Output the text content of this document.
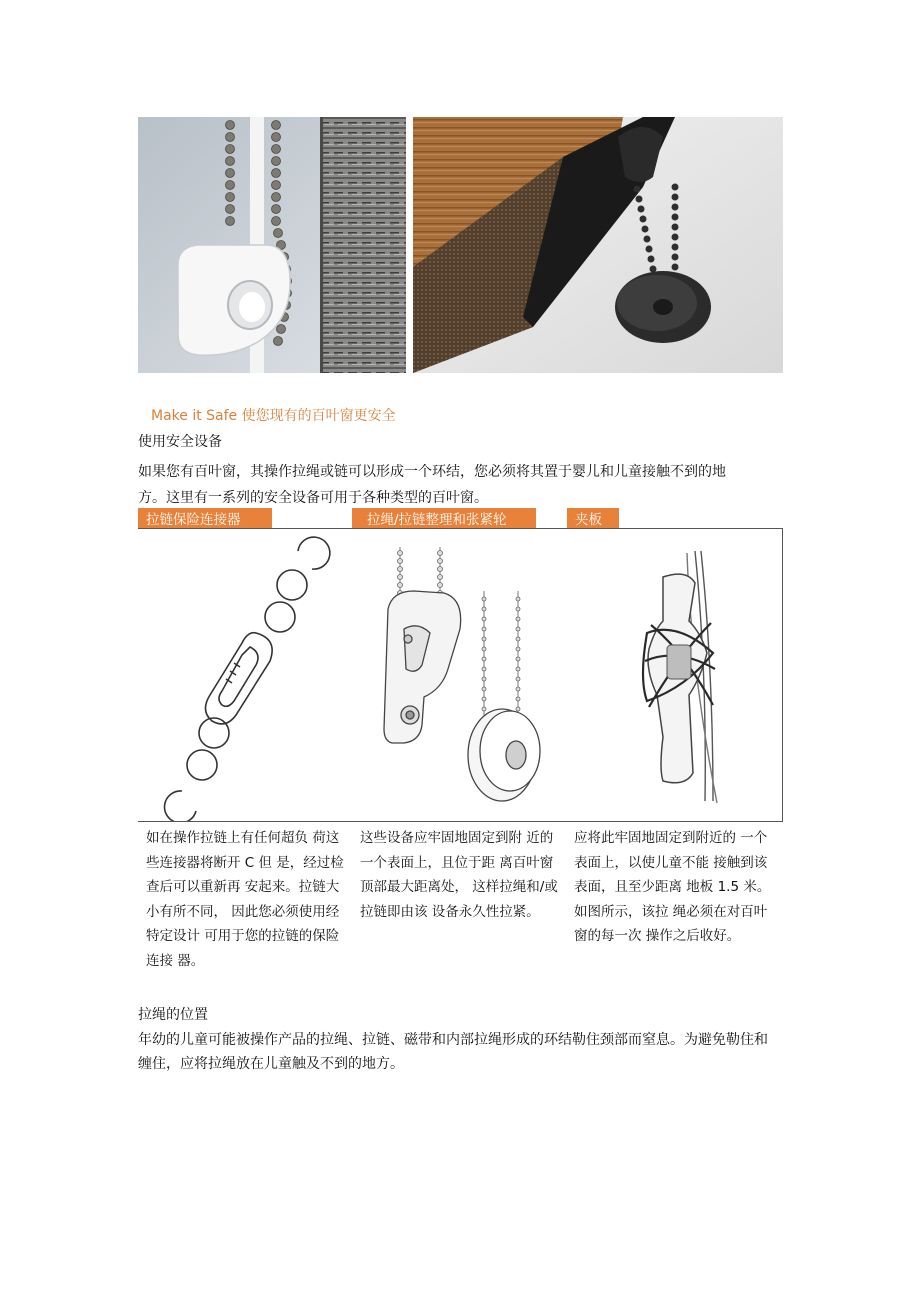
Make it Safe 使您现有的百叶窗更安全
使用安全设备

如果您有百叶窗，其操作拉绳或链可以形成一个环结，您必须将其置于婴儿和儿童接触不到的地方。这里有一系列的安全设备可用于各种类型的百叶窗。

拉链保险连接器	拉绳/拉链整理和张紧轮	夹板

如在操作拉链上有任何超负 荷这些连接器将断开 C 但 是，经过检查后可以重新再 安起来。拉链大小有所不同， 因此您必须使用经特定设计 可用于您的拉链的保险连接 器。

这些设备应牢固地固定到附 近的一个表面上，且位于距 离百叶窗顶部最大距离处， 这样拉绳和/或拉链即由该 设备永久性拉紧。

应将此牢固地固定到附近的 一个表面上，以使儿童不能 接触到该表面，且至少距离 地板 1.5 米。如图所示，该拉 绳必须在对百叶窗的每一次 操作之后收好。

拉绳的位置

年幼的儿童可能被操作产品的拉绳、拉链、磁带和内部拉绳形成的环结勒住颈部而窒息。为避免勒住和缠住，应将拉绳放在儿童触及不到的地方。
